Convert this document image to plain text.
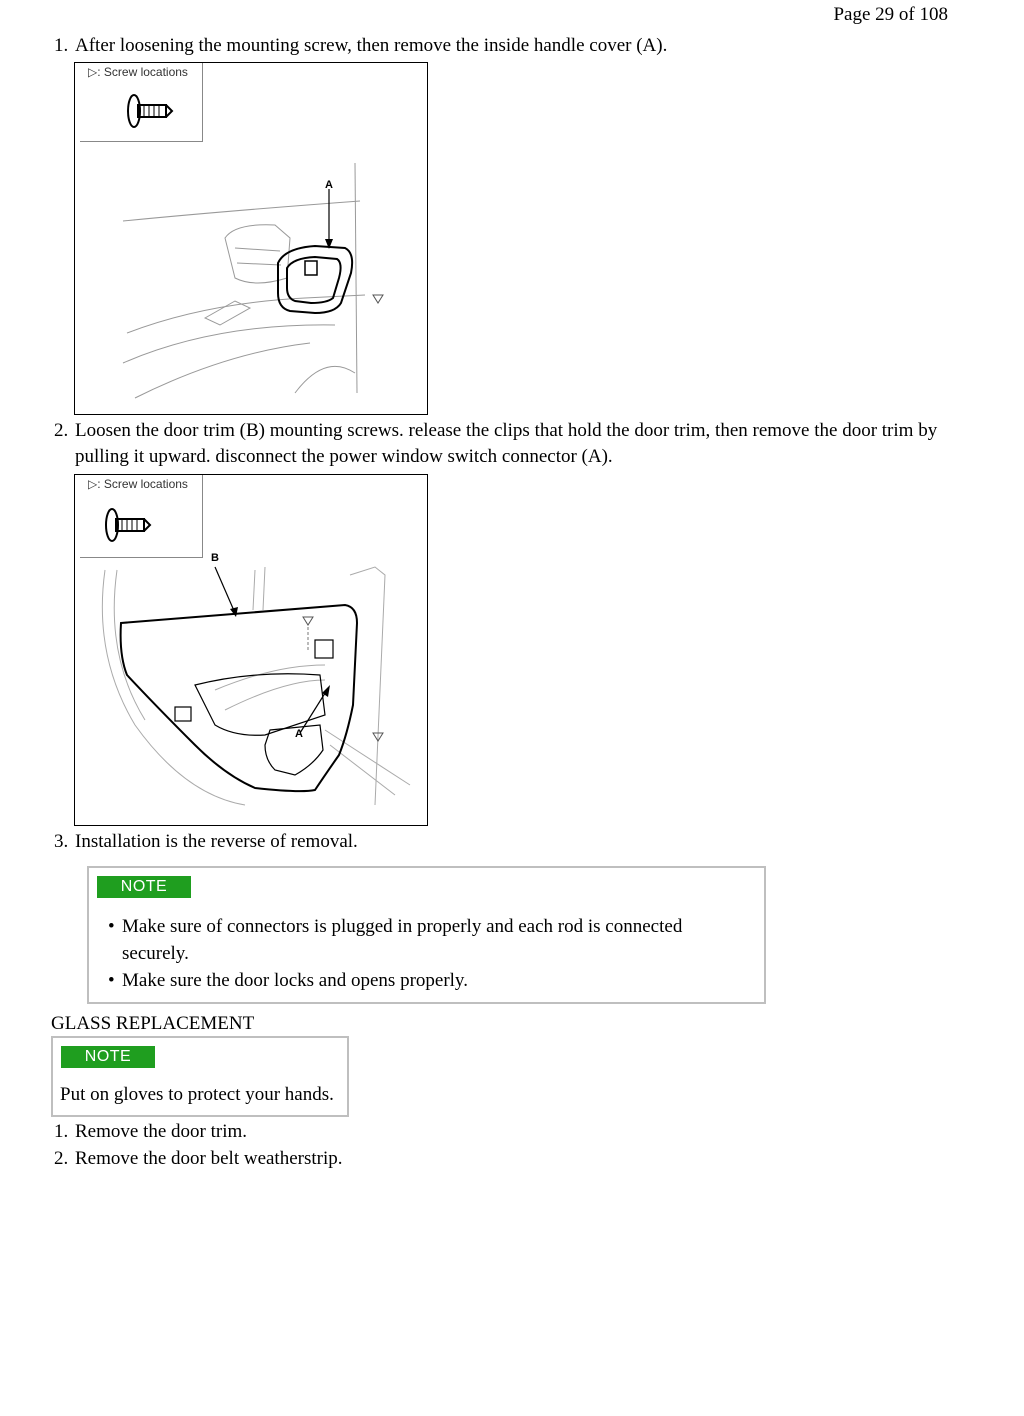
Page 29 of 108
1. After loosening the mounting screw, then remove the inside handle cover (A).
▷: Screw locations
A
2. Loosen the door trim (B) mounting screws. release the clips that hold the door trim, then remove the door trim by pulling it upward. disconnect the power window switch connector (A).
▷: Screw locations
B
A
3. Installation is the reverse of removal.
NOTE
• Make sure of connectors is plugged in properly and each rod is connected securely.
• Make sure the door locks and opens properly.
GLASS REPLACEMENT
NOTE
Put on gloves to protect your hands.
1. Remove the door trim.
2. Remove the door belt weatherstrip.
